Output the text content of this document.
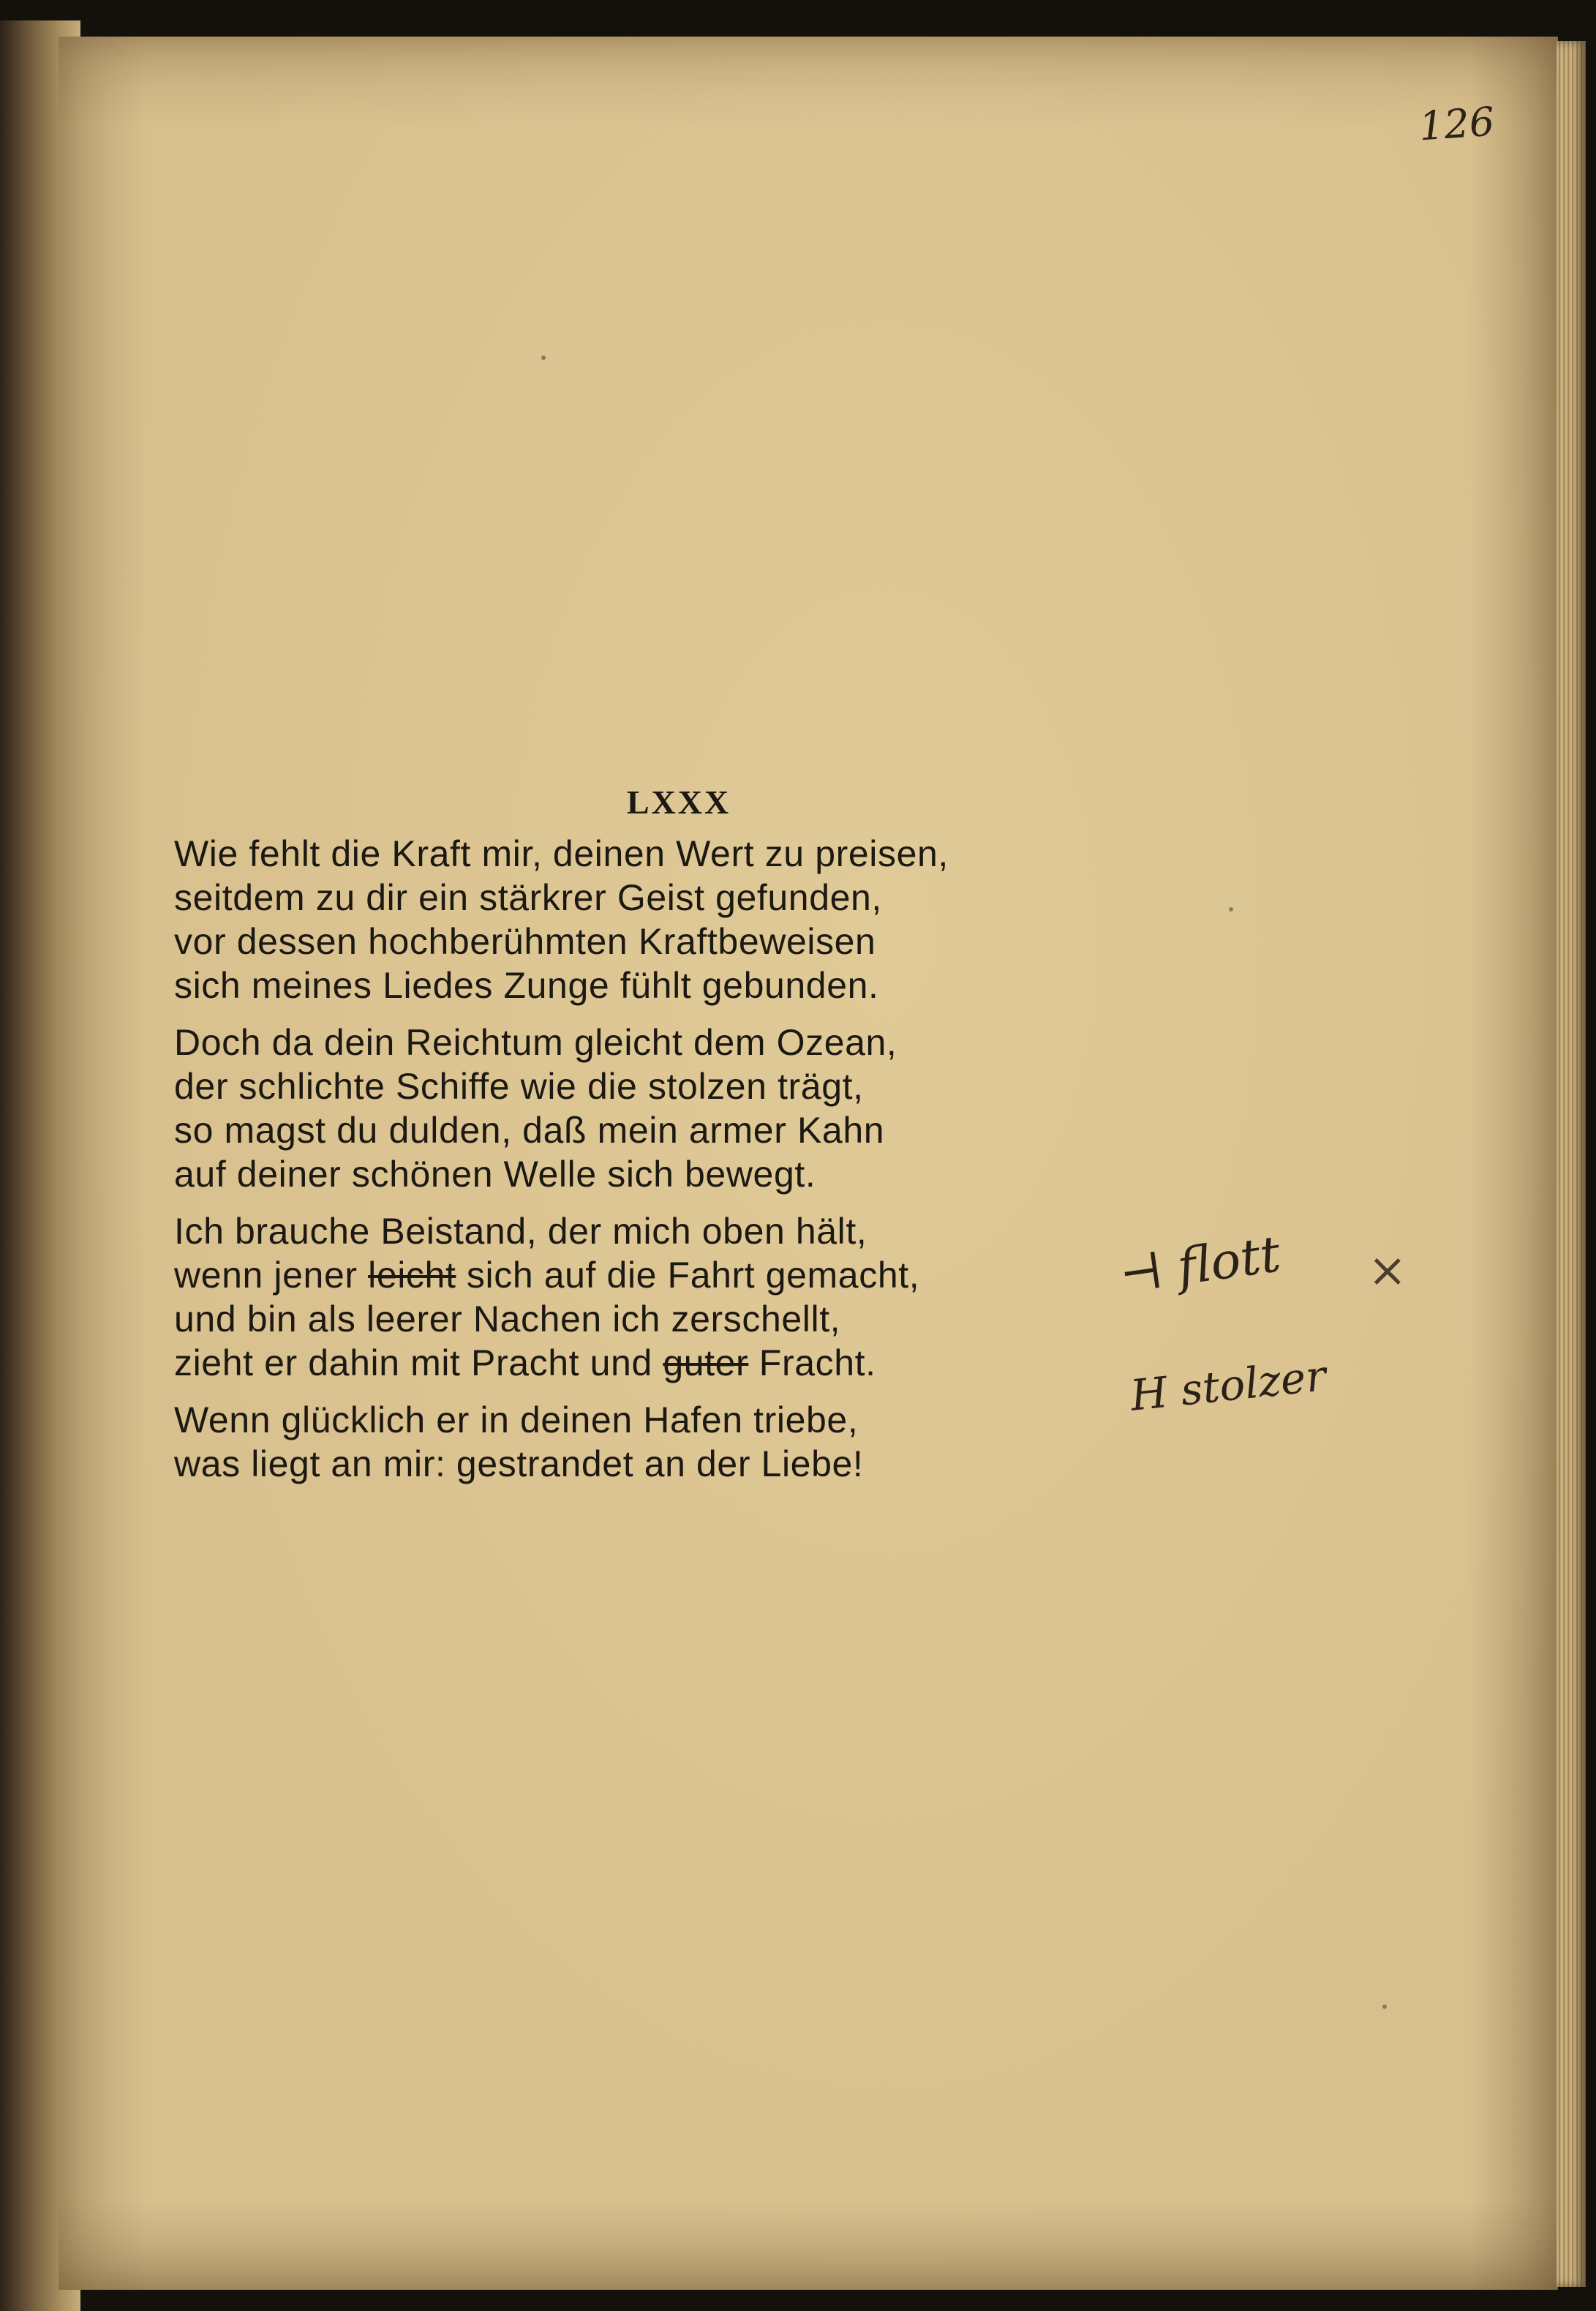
126
LXXX
Wie fehlt die Kraft mir, deinen Wert zu preisen,
seitdem zu dir ein stärkrer Geist gefunden,
vor dessen hochberühmten Kraftbeweisen
sich meines Liedes Zunge fühlt gebunden.
Doch da dein Reichtum gleicht dem Ozean,
der schlichte Schiffe wie die stolzen trägt,
so magst du dulden, daß mein armer Kahn
auf deiner schönen Welle sich bewegt.
Ich brauche Beistand, der mich oben hält,
wenn jener leicht sich auf die Fahrt gemacht,
und bin als leerer Nachen ich zerschellt,
zieht er dahin mit Pracht und guter Fracht.
Wenn glücklich er in deinen Hafen triebe,
was liegt an mir: gestrandet an der Liebe!
⊣ flott
H stolzer
×
